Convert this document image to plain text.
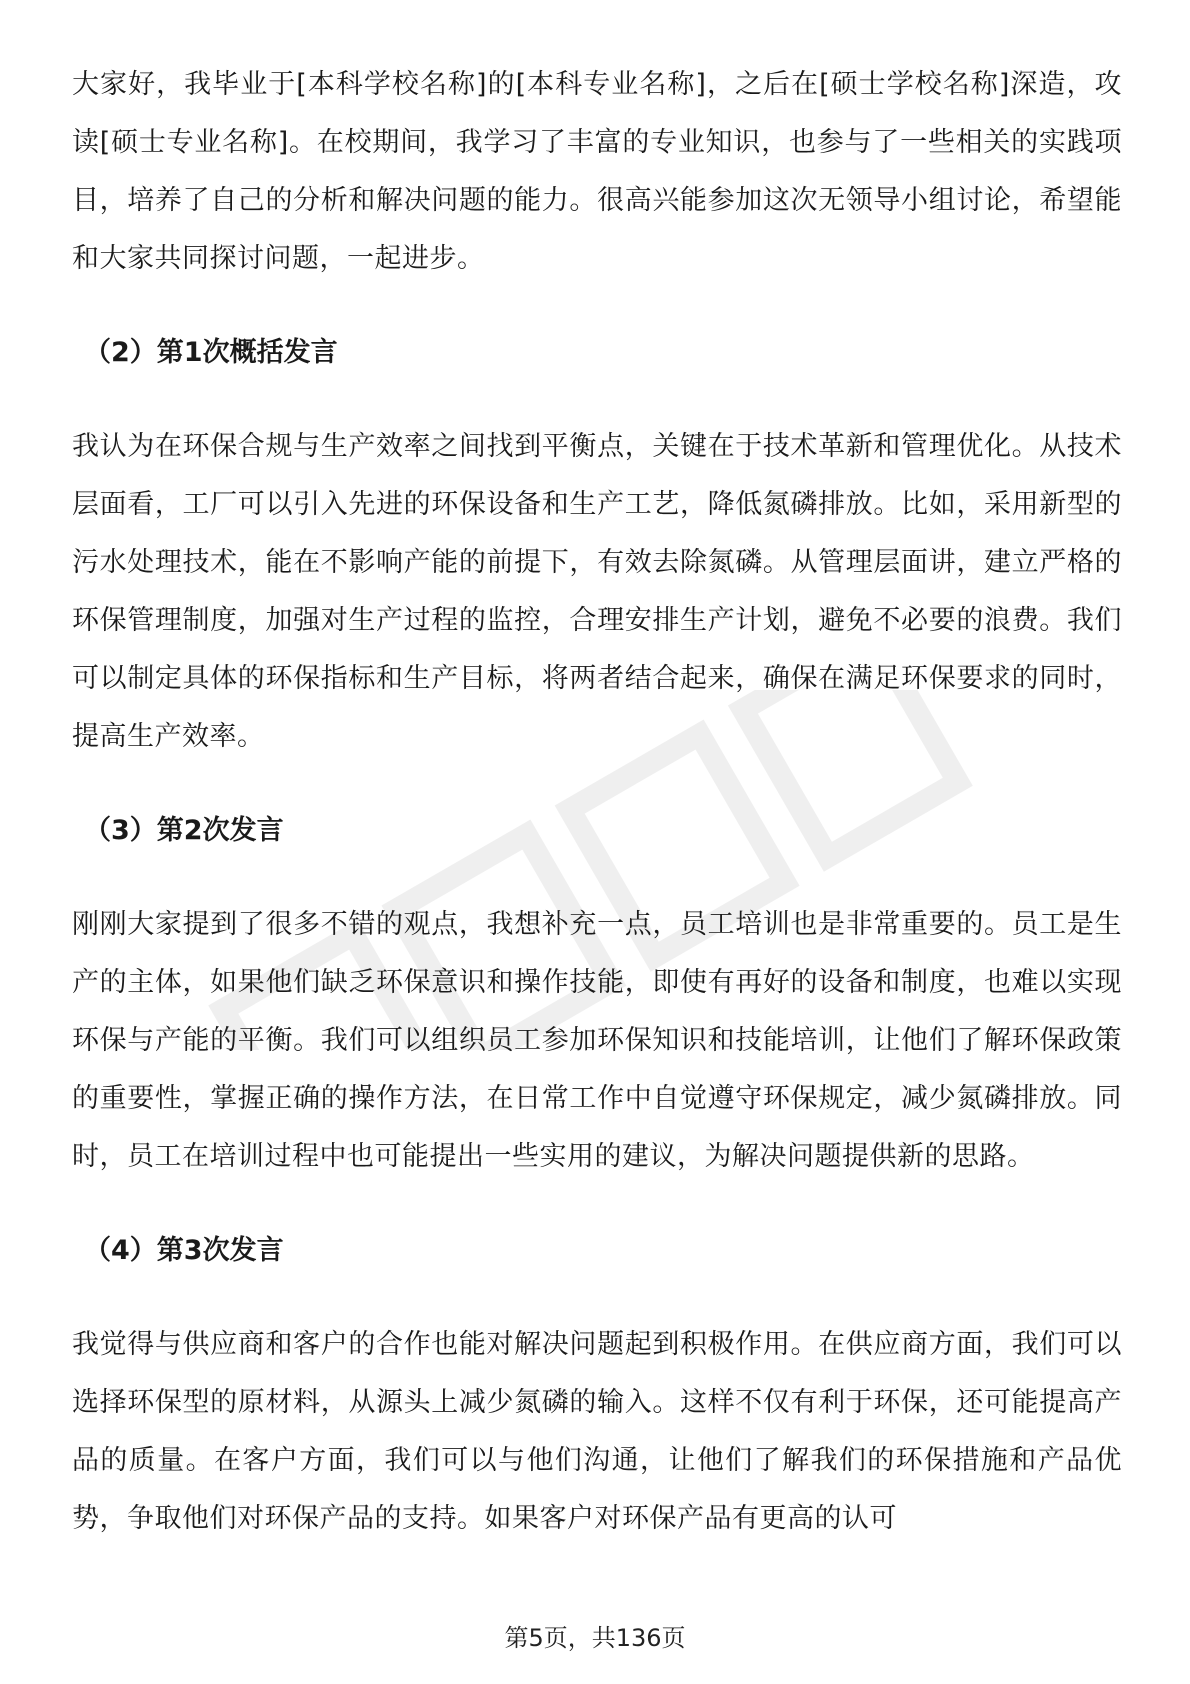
大家好，我毕业于[本科学校名称]的[本科专业名称]，之后在[硕士学校名称]深造，攻读[硕士专业名称]。在校期间，我学习了丰富的专业知识，也参与了一些相关的实践项目，培养了自己的分析和解决问题的能力。很高兴能参加这次无领导小组讨论，希望能和大家共同探讨问题，一起进步。

（2）第1次概括发言

我认为在环保合规与生产效率之间找到平衡点，关键在于技术革新和管理优化。从技术层面看，工厂可以引入先进的环保设备和生产工艺，降低氮磷排放。比如，采用新型的污水处理技术，能在不影响产能的前提下，有效去除氮磷。从管理层面讲，建立严格的环保管理制度，加强对生产过程的监控，合理安排生产计划，避免不必要的浪费。我们可以制定具体的环保指标和生产目标，将两者结合起来，确保在满足环保要求的同时，提高生产效率。

（3）第2次发言

刚刚大家提到了很多不错的观点，我想补充一点，员工培训也是非常重要的。员工是生产的主体，如果他们缺乏环保意识和操作技能，即使有再好的设备和制度，也难以实现环保与产能的平衡。我们可以组织员工参加环保知识和技能培训，让他们了解环保政策的重要性，掌握正确的操作方法，在日常工作中自觉遵守环保规定，减少氮磷排放。同时，员工在培训过程中也可能提出一些实用的建议，为解决问题提供新的思路。

（4）第3次发言

我觉得与供应商和客户的合作也能对解决问题起到积极作用。在供应商方面，我们可以选择环保型的原材料，从源头上减少氮磷的输入。这样不仅有利于环保，还可能提高产品的质量。在客户方面，我们可以与他们沟通，让他们了解我们的环保措施和产品优势，争取他们对环保产品的支持。如果客户对环保产品有更高的认可

第5页，共136页
